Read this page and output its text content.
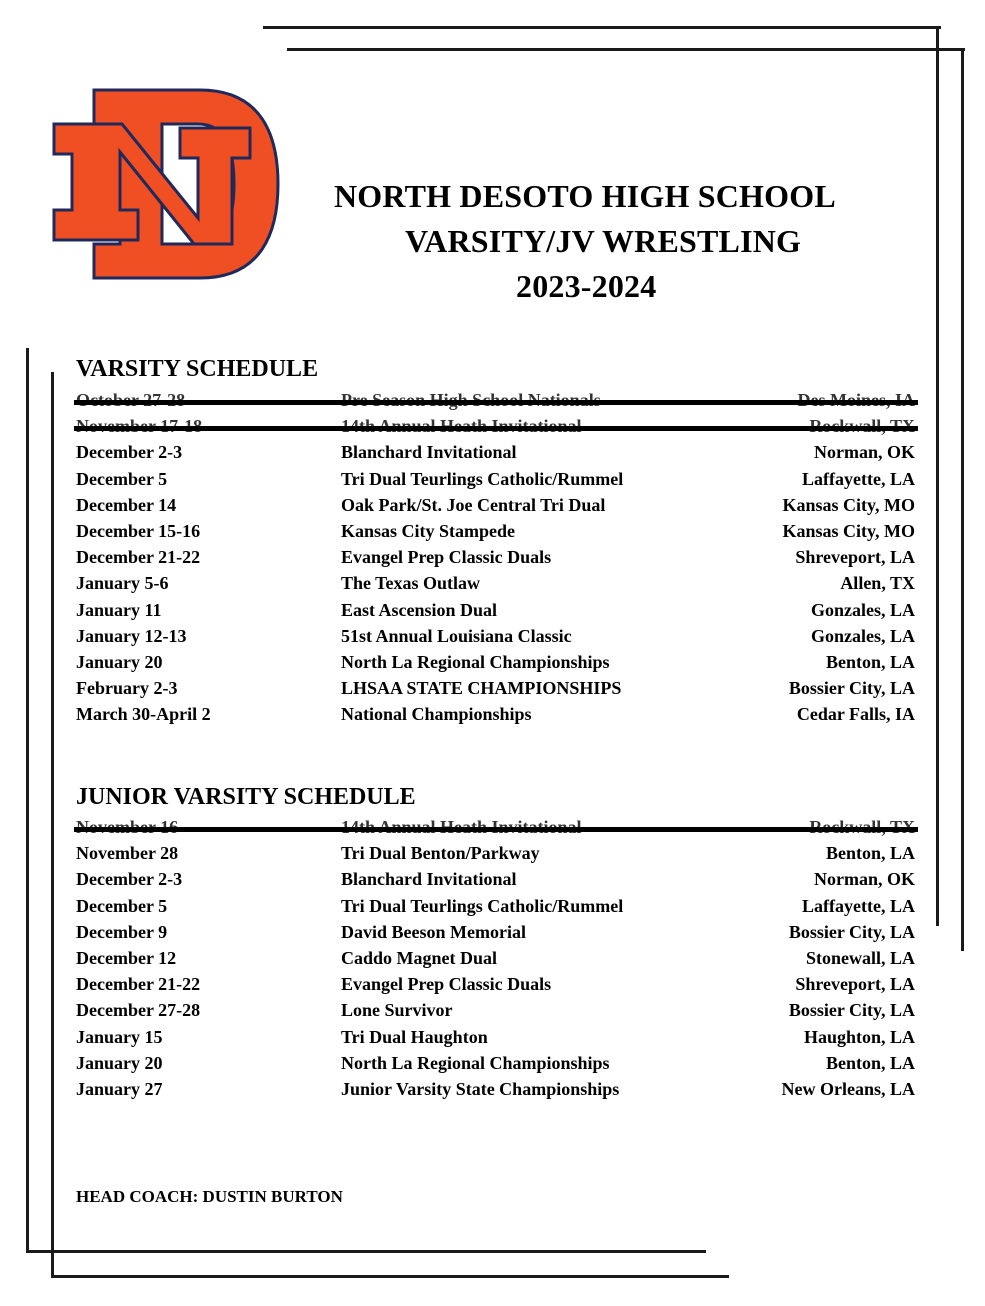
NORTH DESOTO HIGH SCHOOL
VARSITY/JV WRESTLING
2023-2024
VARSITY SCHEDULE
December 2-3	Blanchard Invitational	Norman, OK
December 5	Tri Dual Teurlings Catholic/Rummel	Laffayette, LA
December 14	Oak Park/St. Joe Central Tri Dual	Kansas City, MO
December 15-16	Kansas City Stampede	Kansas City, MO
December 21-22	Evangel Prep Classic Duals	Shreveport, LA
January 5-6	The Texas Outlaw	Allen, TX
January 11	East Ascension Dual	Gonzales, LA
January 12-13	51st Annual Louisiana Classic	Gonzales, LA
January 20	North La Regional Championships	Benton, LA
February 2-3	LHSAA STATE CHAMPIONSHIPS	Bossier City, LA
March 30-April 2	National Championships	Cedar Falls, IA
JUNIOR VARSITY SCHEDULE
November 28	Tri Dual Benton/Parkway	Benton, LA
December 2-3	Blanchard Invitational	Norman, OK
December 5	Tri Dual Teurlings Catholic/Rummel	Laffayette, LA
December 9	David Beeson Memorial	Bossier City, LA
December 12	Caddo Magnet Dual	Stonewall, LA
December 21-22	Evangel Prep Classic Duals	Shreveport, LA
December 27-28	Lone Survivor	Bossier City, LA
January 15	Tri Dual Haughton	Haughton, LA
January 20	North La Regional Championships	Benton, LA
January 27	Junior Varsity State Championships	New Orleans, LA
HEAD COACH: DUSTIN BURTON
